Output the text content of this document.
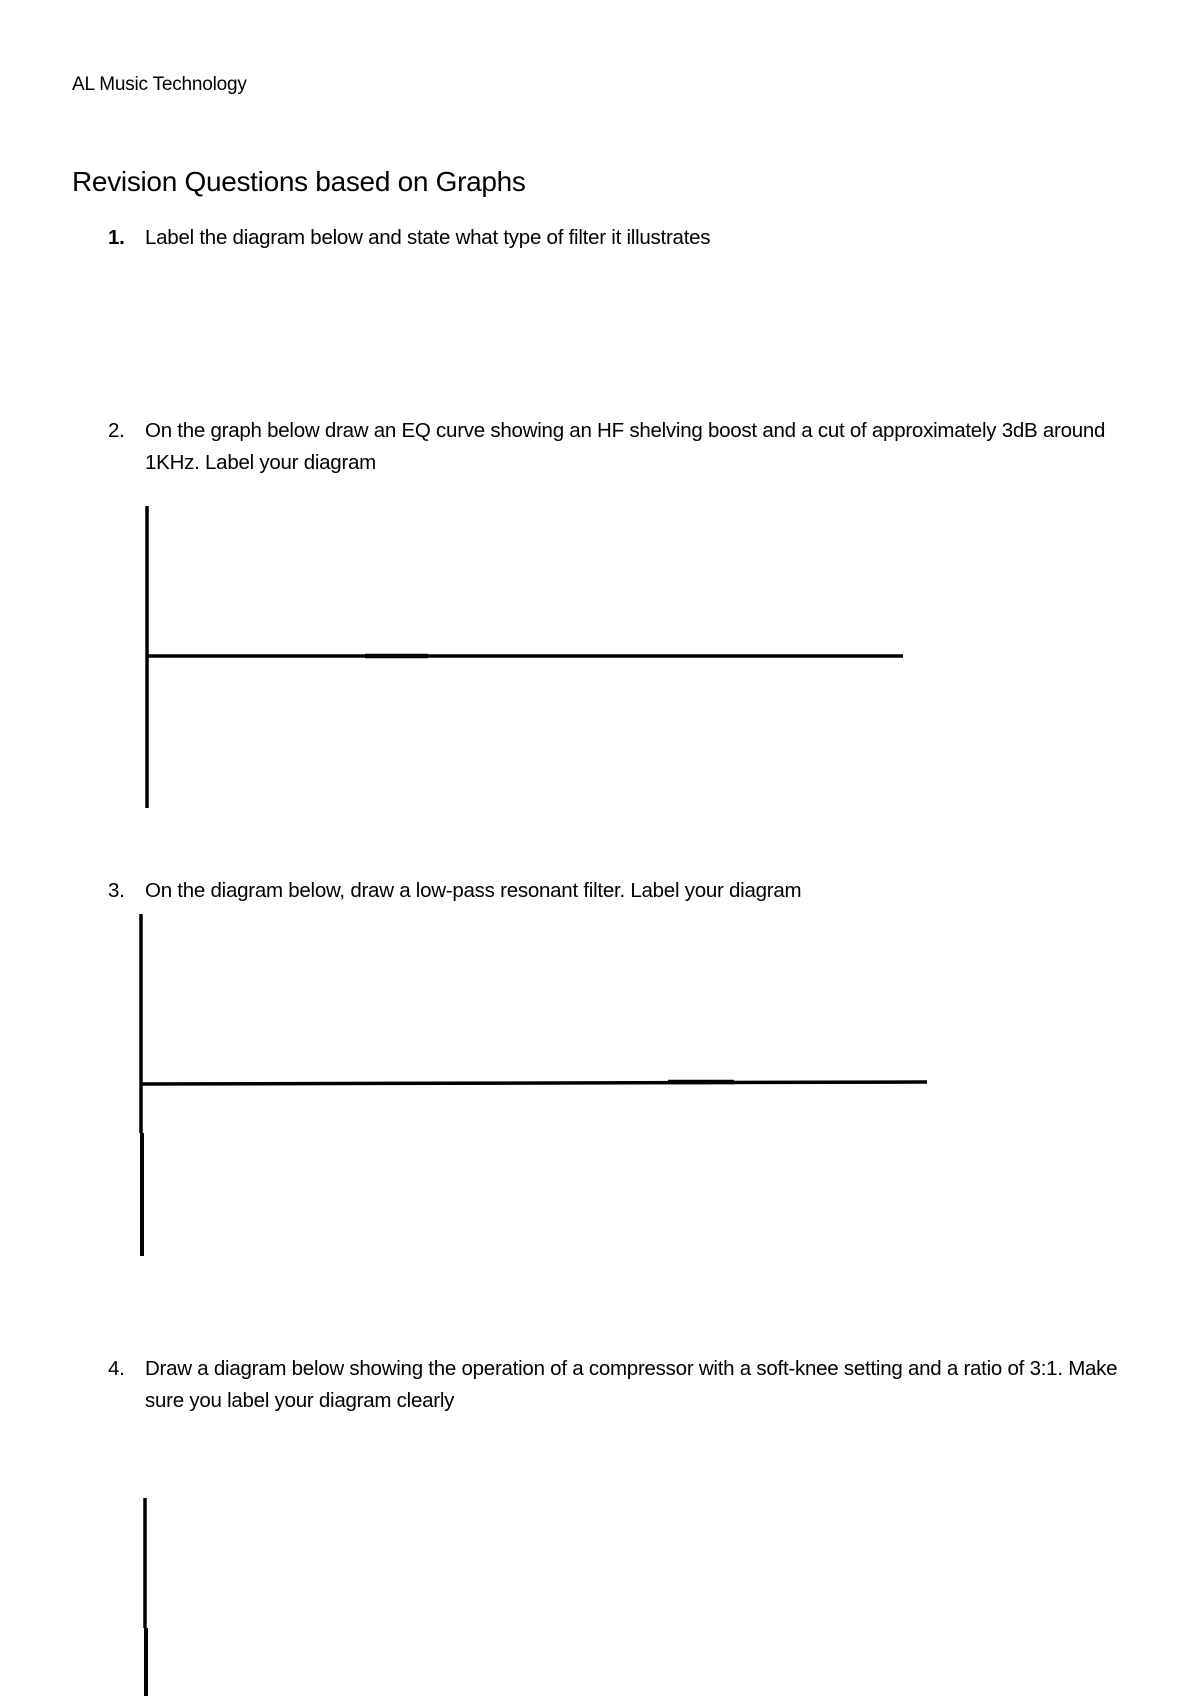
AL Music Technology
Revision Questions based on Graphs
1. Label the diagram below and state what type of filter it illustrates
2. On the graph below draw an EQ curve showing an HF shelving boost and a cut of approximately 3dB around 1KHz. Label your diagram
3. On the diagram below, draw a low-pass resonant filter. Label your diagram
4. Draw a diagram below showing the operation of a compressor with a soft-knee setting and a ratio of 3:1. Make sure you label your diagram clearly
